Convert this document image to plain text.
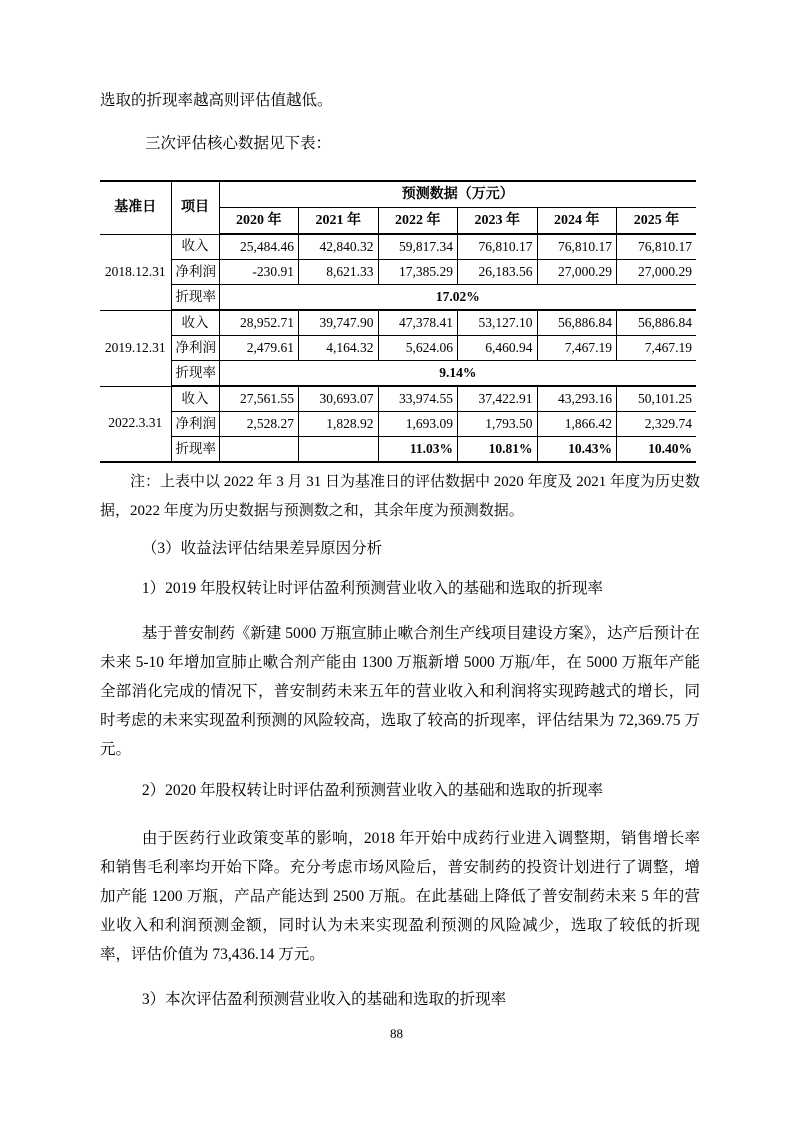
选取的折现率越高则评估值越低。

三次评估核心数据见下表：

基准日	项目	预测数据（万元）					
		2020 年	2021 年	2022 年	2023 年	2024 年	2025 年
2018.12.31	收入	25,484.46	42,840.32	59,817.34	76,810.17	76,810.17	76,810.17
	净利润	-230.91	8,621.33	17,385.29	26,183.56	27,000.29	27,000.29
	折现率	17.02%					
2019.12.31	收入	28,952.71	39,747.90	47,378.41	53,127.10	56,886.84	56,886.84
	净利润	2,479.61	4,164.32	5,624.06	6,460.94	7,467.19	7,467.19
	折现率	9.14%					
2022.3.31	收入	27,561.55	30,693.07	33,974.55	37,422.91	43,293.16	50,101.25
	净利润	2,528.27	1,828.92	1,693.09	1,793.50	1,866.42	2,329.74
	折现率			11.03%	10.81%	10.43%	10.40%

注：上表中以 2022 年 3 月 31 日为基准日的评估数据中 2020 年度及 2021 年度为历史数据，2022 年度为历史数据与预测数之和，其余年度为预测数据。

（3）收益法评估结果差异原因分析

1）2019 年股权转让时评估盈利预测营业收入的基础和选取的折现率

基于普安制药《新建 5000 万瓶宣肺止嗽合剂生产线项目建设方案》，达产后预计在未来 5-10 年增加宣肺止嗽合剂产能由 1300 万瓶新增 5000 万瓶/年，在 5000 万瓶年产能全部消化完成的情况下，普安制药未来五年的营业收入和利润将实现跨越式的增长，同时考虑的未来实现盈利预测的风险较高，选取了较高的折现率，评估结果为 72,369.75 万元。

2）2020 年股权转让时评估盈利预测营业收入的基础和选取的折现率

由于医药行业政策变革的影响，2018 年开始中成药行业进入调整期，销售增长率和销售毛利率均开始下降。充分考虑市场风险后，普安制药的投资计划进行了调整，增加产能 1200 万瓶，产品产能达到 2500 万瓶。在此基础上降低了普安制药未来 5 年的营业收入和利润预测金额，同时认为未来实现盈利预测的风险减少，选取了较低的折现率，评估价值为 73,436.14 万元。

3）本次评估盈利预测营业收入的基础和选取的折现率

88
